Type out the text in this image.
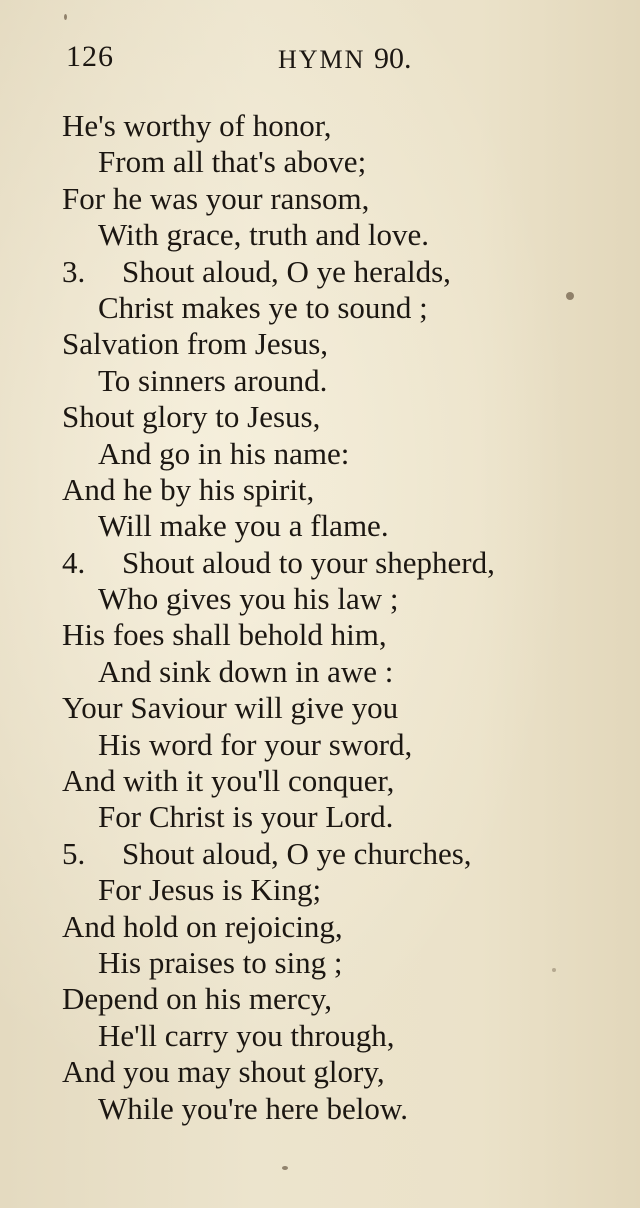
126	HYMN 90.
He's worthy of honor,
From all that's above;
For he was your ransom,
With grace, truth and love.
3. Shout aloud, O ye heralds,
Christ makes ye to sound ;
Salvation from Jesus,
To sinners around.
Shout glory to Jesus,
And go in his name:
And he by his spirit,
Will make you a flame.
4. Shout aloud to your shepherd,
Who gives you his law ;
His foes shall behold him,
And sink down in awe :
Your Saviour will give you
His word for your sword,
And with it you'll conquer,
For Christ is your Lord.
5. Shout aloud, O ye churches,
For Jesus is King;
And hold on rejoicing,
His praises to sing ;
Depend on his mercy,
He'll carry you through,
And you may shout glory,
While you're here below.
